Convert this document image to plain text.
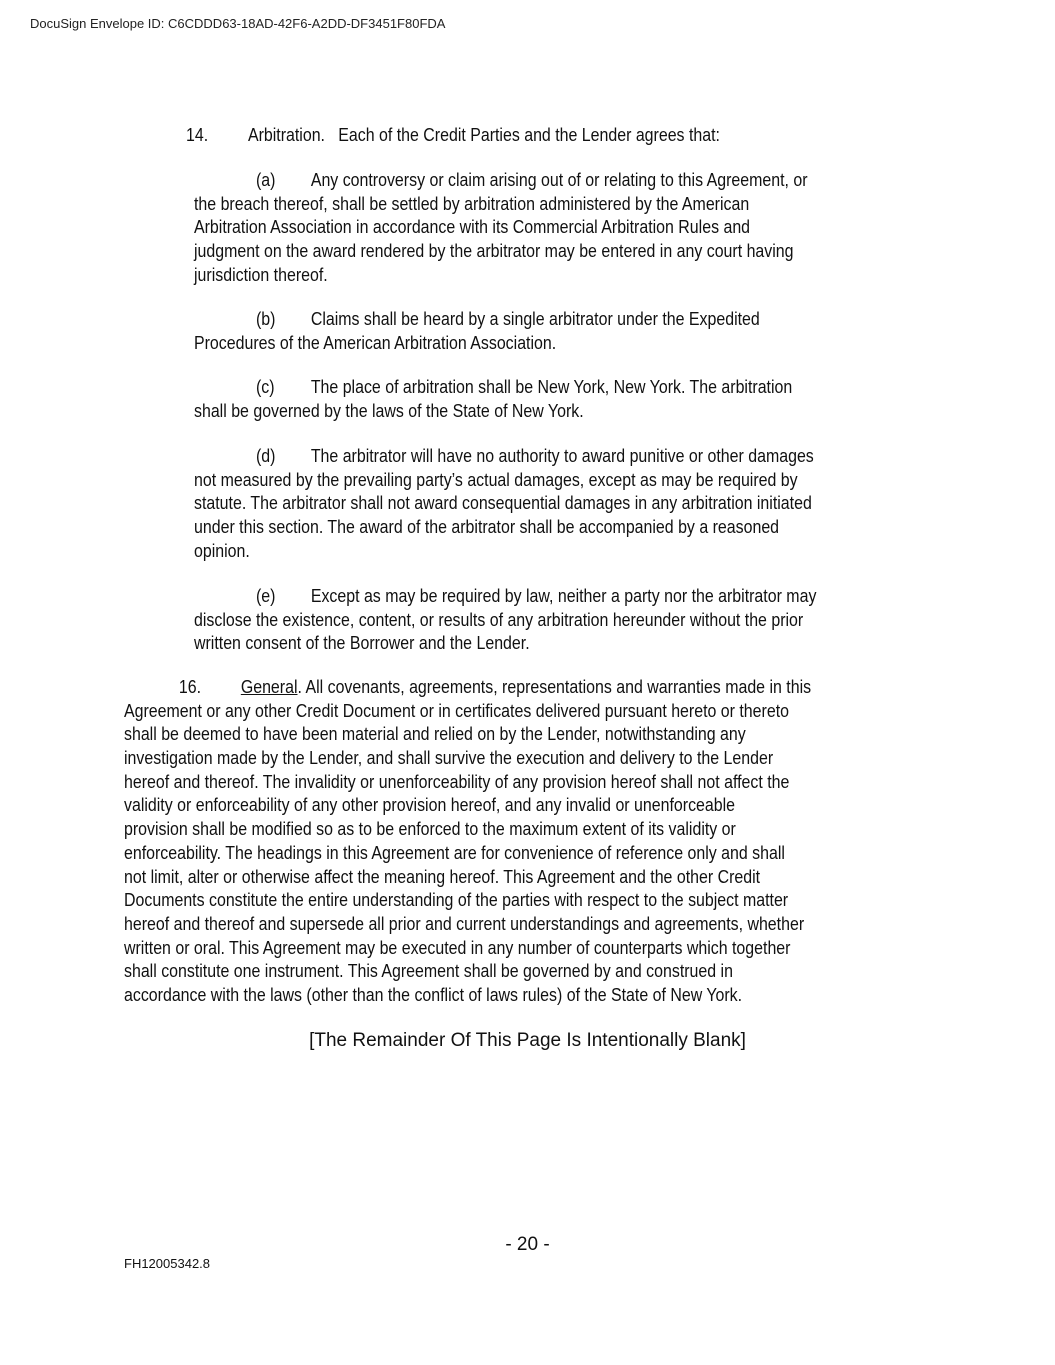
DocuSign Envelope ID: C6CDDD63-18AD-42F6-A2DD-DF3451F80FDA
14. Arbitration. Each of the Credit Parties and the Lender agrees that:
(a) Any controversy or claim arising out of or relating to this Agreement, or
the breach thereof, shall be settled by arbitration administered by the American
Arbitration Association in accordance with its Commercial Arbitration Rules and
judgment on the award rendered by the arbitrator may be entered in any court having
jurisdiction thereof.
(b) Claims shall be heard by a single arbitrator under the Expedited
Procedures of the American Arbitration Association.
(c) The place of arbitration shall be New York, New York. The arbitration
shall be governed by the laws of the State of New York.
(d) The arbitrator will have no authority to award punitive or other damages
not measured by the prevailing party’s actual damages, except as may be required by
statute. The arbitrator shall not award consequential damages in any arbitration initiated
under this section. The award of the arbitrator shall be accompanied by a reasoned
opinion.
(e) Except as may be required by law, neither a party nor the arbitrator may
disclose the existence, content, or results of any arbitration hereunder without the prior
written consent of the Borrower and the Lender.
16. General. All covenants, agreements, representations and warranties made in this
Agreement or any other Credit Document or in certificates delivered pursuant hereto or thereto
shall be deemed to have been material and relied on by the Lender, notwithstanding any
investigation made by the Lender, and shall survive the execution and delivery to the Lender
hereof and thereof. The invalidity or unenforceability of any provision hereof shall not affect the
validity or enforceability of any other provision hereof, and any invalid or unenforceable
provision shall be modified so as to be enforced to the maximum extent of its validity or
enforceability. The headings in this Agreement are for convenience of reference only and shall
not limit, alter or otherwise affect the meaning hereof. This Agreement and the other Credit
Documents constitute the entire understanding of the parties with respect to the subject matter
hereof and thereof and supersede all prior and current understandings and agreements, whether
written or oral. This Agreement may be executed in any number of counterparts which together
shall constitute one instrument. This Agreement shall be governed by and construed in
accordance with the laws (other than the conflict of laws rules) of the State of New York.
[The Remainder Of This Page Is Intentionally Blank]
- 20 -
FH12005342.8
